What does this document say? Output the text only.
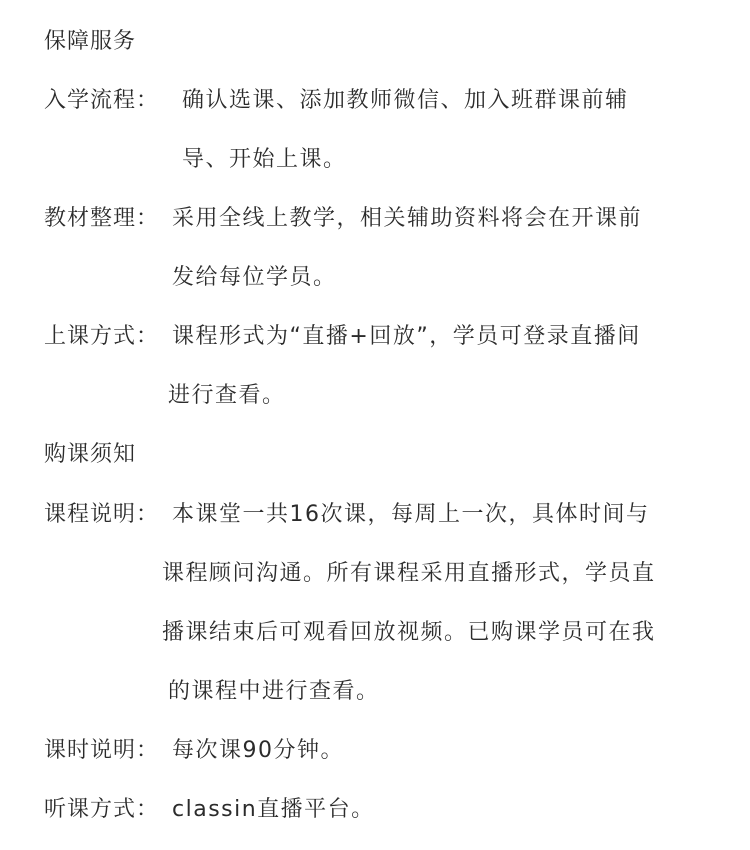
保障服务
入学流程： 确认选课、添加教师微信、加入班群课前辅
导、开始上课。
教材整理： 采用全线上教学，相关辅助资料将会在开课前
发给每位学员。
上课方式： 课程形式为“直播+回放”，学员可登录直播间
进行查看。
购课须知
课程说明： 本课堂一共16次课，每周上一次，具体时间与
课程顾问沟通。所有课程采用直播形式，学员直
播课结束后可观看回放视频。已购课学员可在我
的课程中进行查看。
课时说明： 每次课90分钟。
听课方式： classin直播平台。
